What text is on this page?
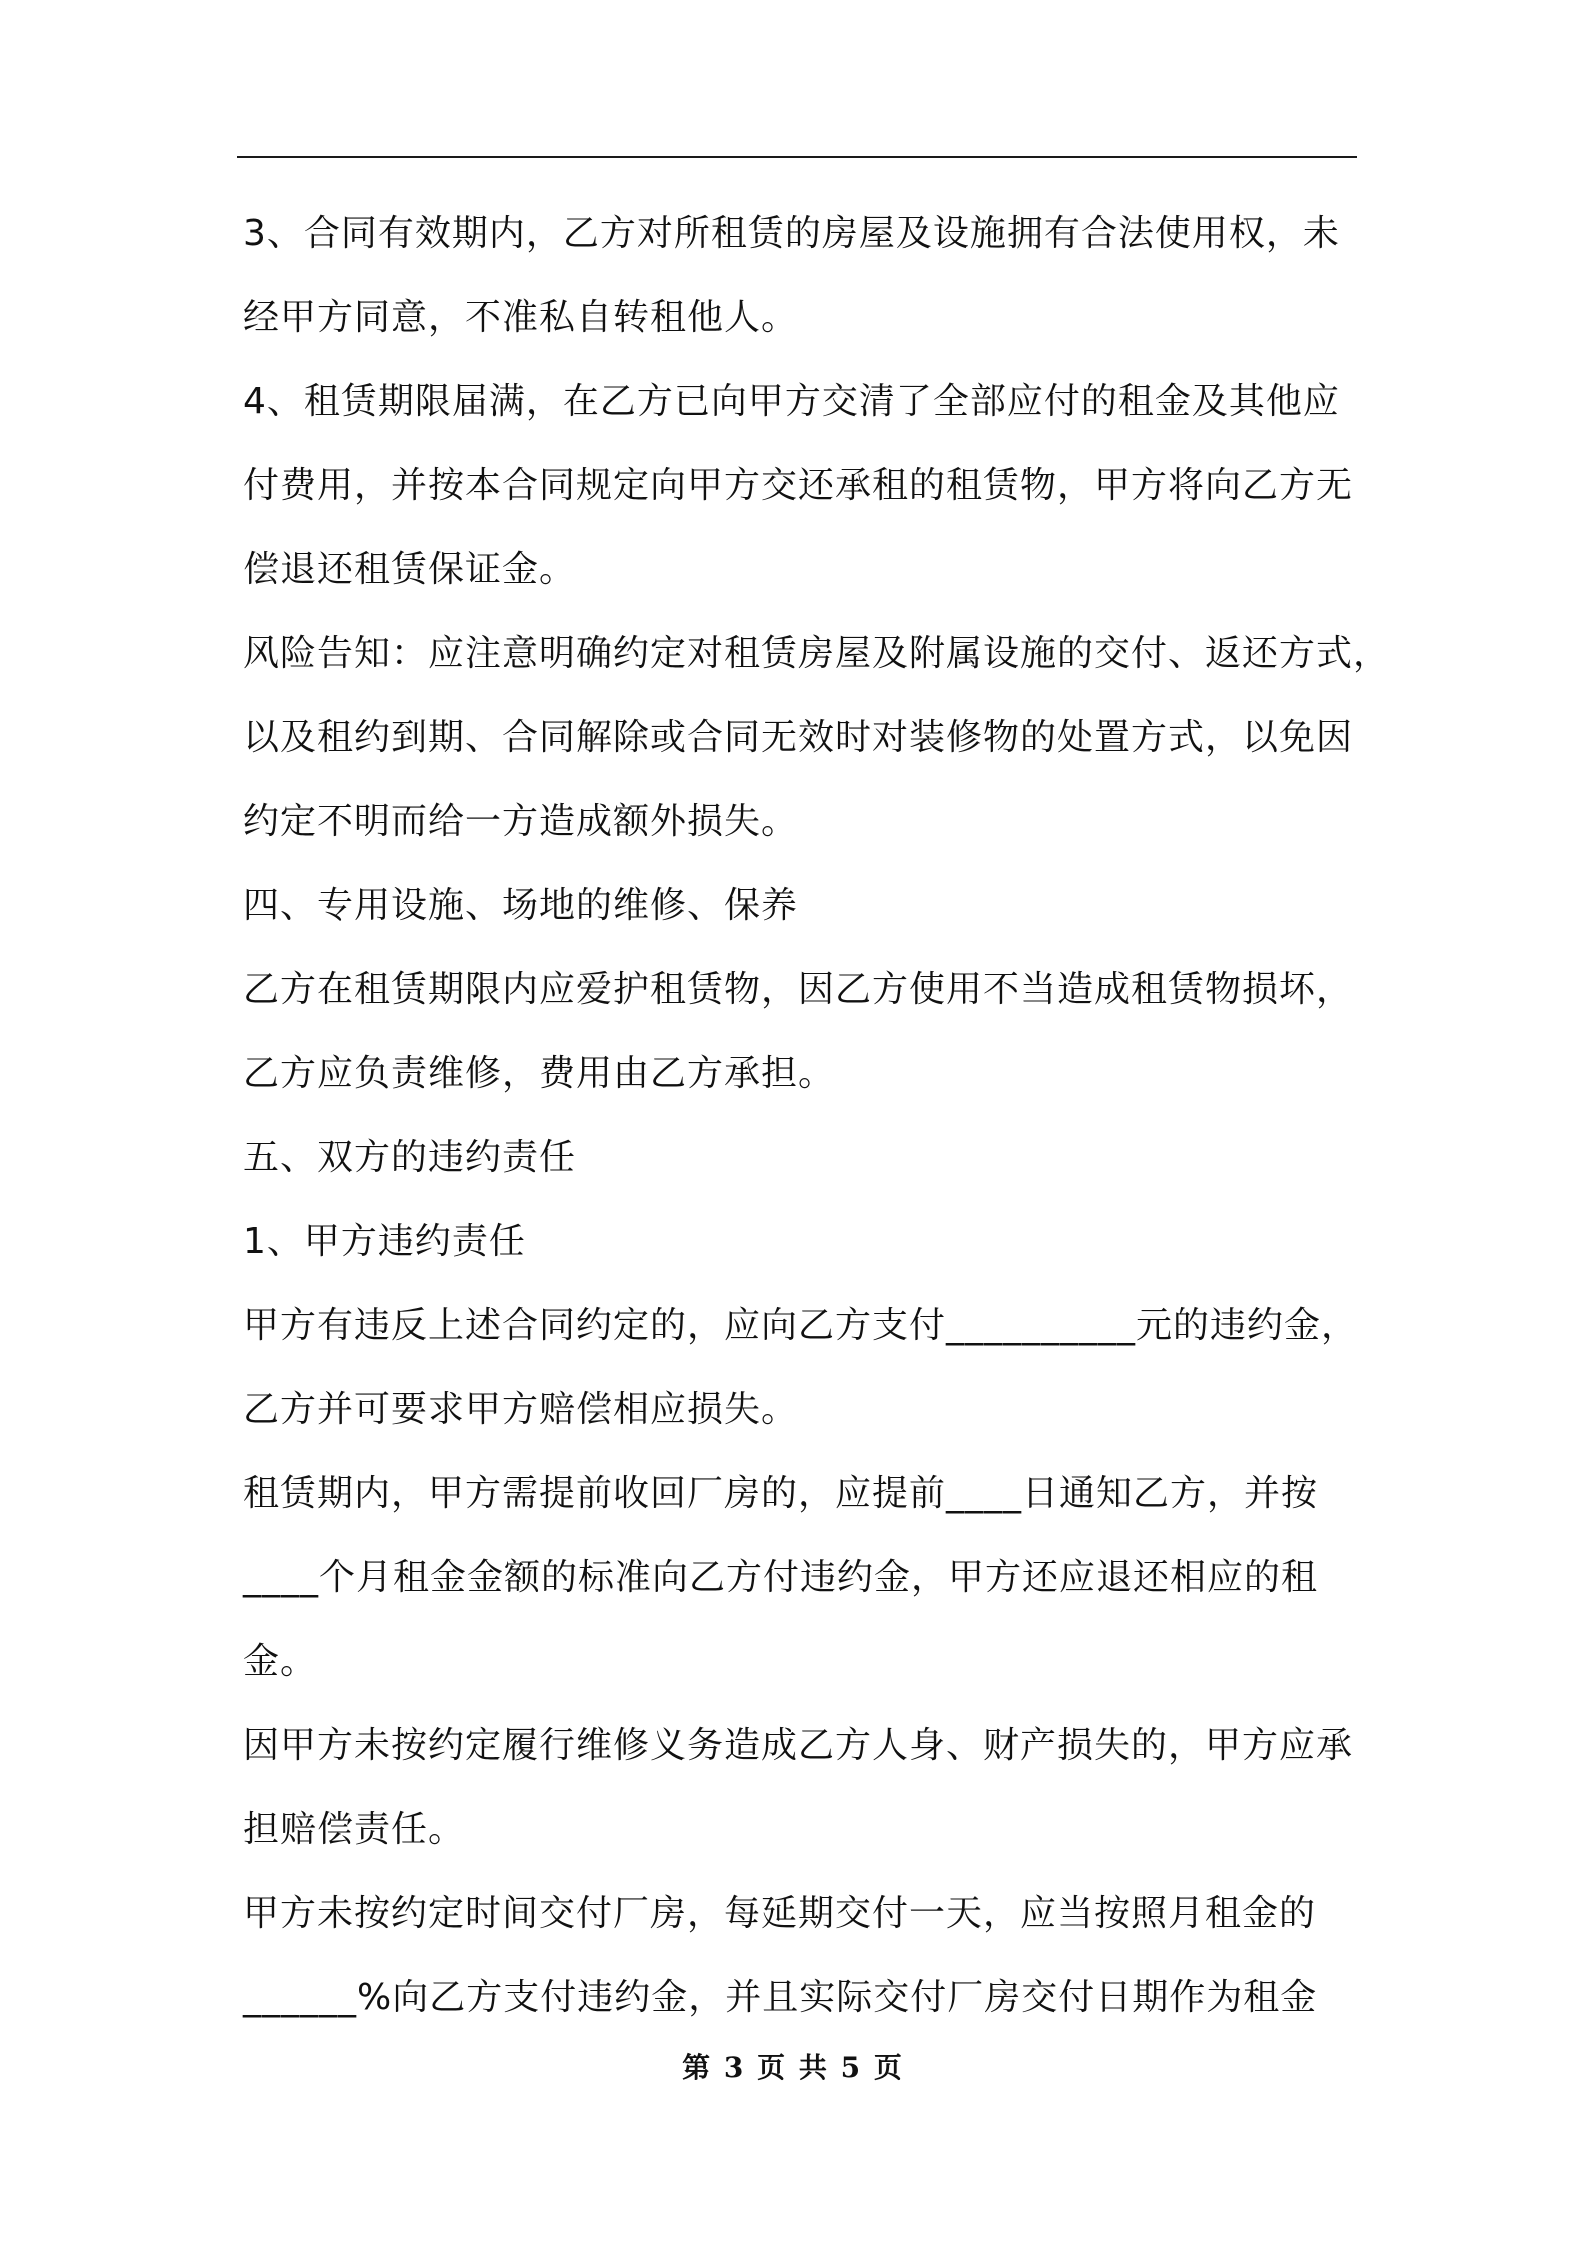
3、合同有效期内，乙方对所租赁的房屋及设施拥有合法使用权，未
经甲方同意，不准私自转租他人。
4、租赁期限届满，在乙方已向甲方交清了全部应付的租金及其他应
付费用，并按本合同规定向甲方交还承租的租赁物，甲方将向乙方无
偿退还租赁保证金。
风险告知：应注意明确约定对租赁房屋及附属设施的交付、返还方式，
以及租约到期、合同解除或合同无效时对装修物的处置方式，以免因
约定不明而给一方造成额外损失。
四、专用设施、场地的维修、保养
乙方在租赁期限内应爱护租赁物，因乙方使用不当造成租赁物损坏，
乙方应负责维修，费用由乙方承担。
五、双方的违约责任
1、甲方违约责任
甲方有违反上述合同约定的，应向乙方支付__________元的违约金，
乙方并可要求甲方赔偿相应损失。
租赁期内，甲方需提前收回厂房的，应提前____日通知乙方，并按
____个月租金金额的标准向乙方付违约金，甲方还应退还相应的租
金。
因甲方未按约定履行维修义务造成乙方人身、财产损失的，甲方应承
担赔偿责任。
甲方未按约定时间交付厂房，每延期交付一天，应当按照月租金的
______%向乙方支付违约金，并且实际交付厂房交付日期作为租金
第 3 页 共 5 页
